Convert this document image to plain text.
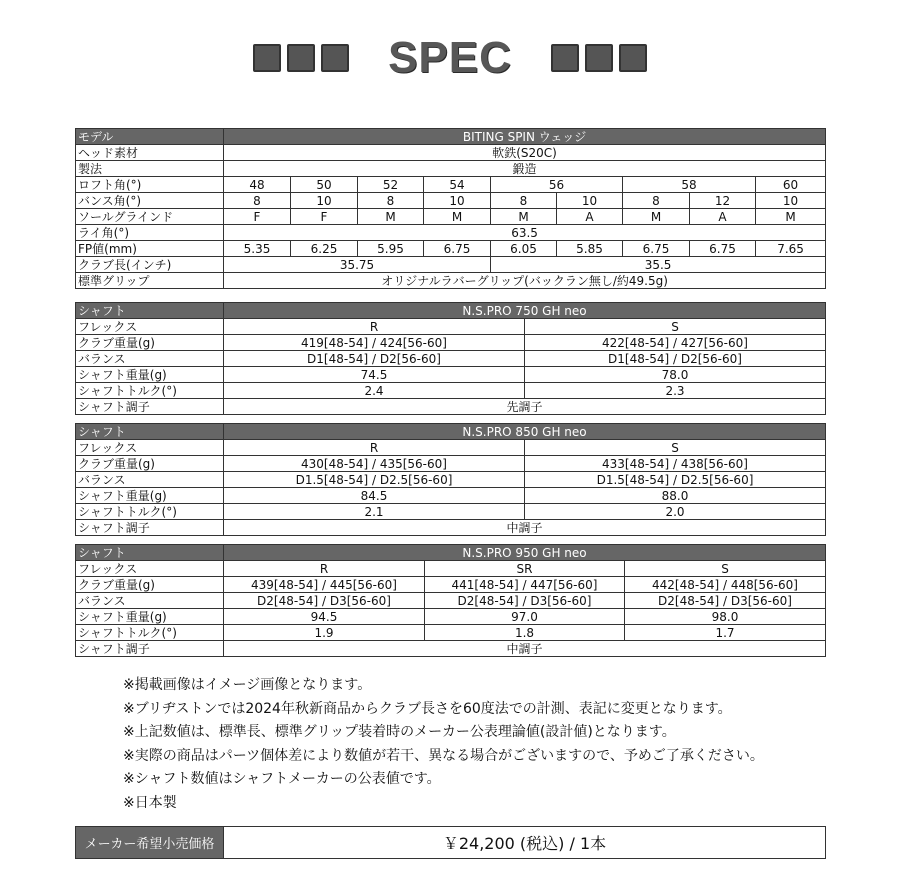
SPEC
モデル	BITING SPIN ウェッジ								
ヘッド素材	軟鉄(S20C)								
製法	鍛造								
ロフト角(°)	48	50	52	54	56		58		60
バンス角(°)	8	10	8	10	8	10	8	12	10
ソールグラインド	F	F	M	M	M	A	M	A	M
ライ角(°)	63.5								
FP値(mm)	5.35	6.25	5.95	6.75	6.05	5.85	6.75	6.75	7.65
クラブ長(インチ)	35.75				35.5				
標準グリップ	オリジナルラバーグリップ(バックラン無し/約49.5g)								
シャフト	N.S.PRO 750 GH neo	
フレックス	R	S
クラブ重量(g)	419[48-54] / 424[56-60]	422[48-54] / 427[56-60]
バランス	D1[48-54] / D2[56-60]	D1[48-54] / D2[56-60]
シャフト重量(g)	74.5	78.0
シャフトトルク(°)	2.4	2.3
シャフト調子	先調子	
シャフト	N.S.PRO 850 GH neo	
フレックス	R	S
クラブ重量(g)	430[48-54] / 435[56-60]	433[48-54] / 438[56-60]
バランス	D1.5[48-54] / D2.5[56-60]	D1.5[48-54] / D2.5[56-60]
シャフト重量(g)	84.5	88.0
シャフトトルク(°)	2.1	2.0
シャフト調子	中調子	
シャフト	N.S.PRO 950 GH neo		
フレックス	R	SR	S
クラブ重量(g)	439[48-54] / 445[56-60]	441[48-54] / 447[56-60]	442[48-54] / 448[56-60]
バランス	D2[48-54] / D3[56-60]	D2[48-54] / D3[56-60]	D2[48-54] / D3[56-60]
シャフト重量(g)	94.5	97.0	98.0
シャフトトルク(°)	1.9	1.8	1.7
シャフト調子	中調子		
※掲載画像はイメージ画像となります。
※ブリヂストンでは2024年秋新商品からクラブ長さを60度法での計測、表記に変更となります。
※上記数値は、標準長、標準グリップ装着時のメーカー公表理論値(設計値)となります。
※実際の商品はパーツ個体差により数値が若干、異なる場合がございますので、予めご了承ください。
※シャフト数値はシャフトメーカーの公表値です。
※日本製
メーカー希望小売価格	￥24,200 (税込) / 1本
